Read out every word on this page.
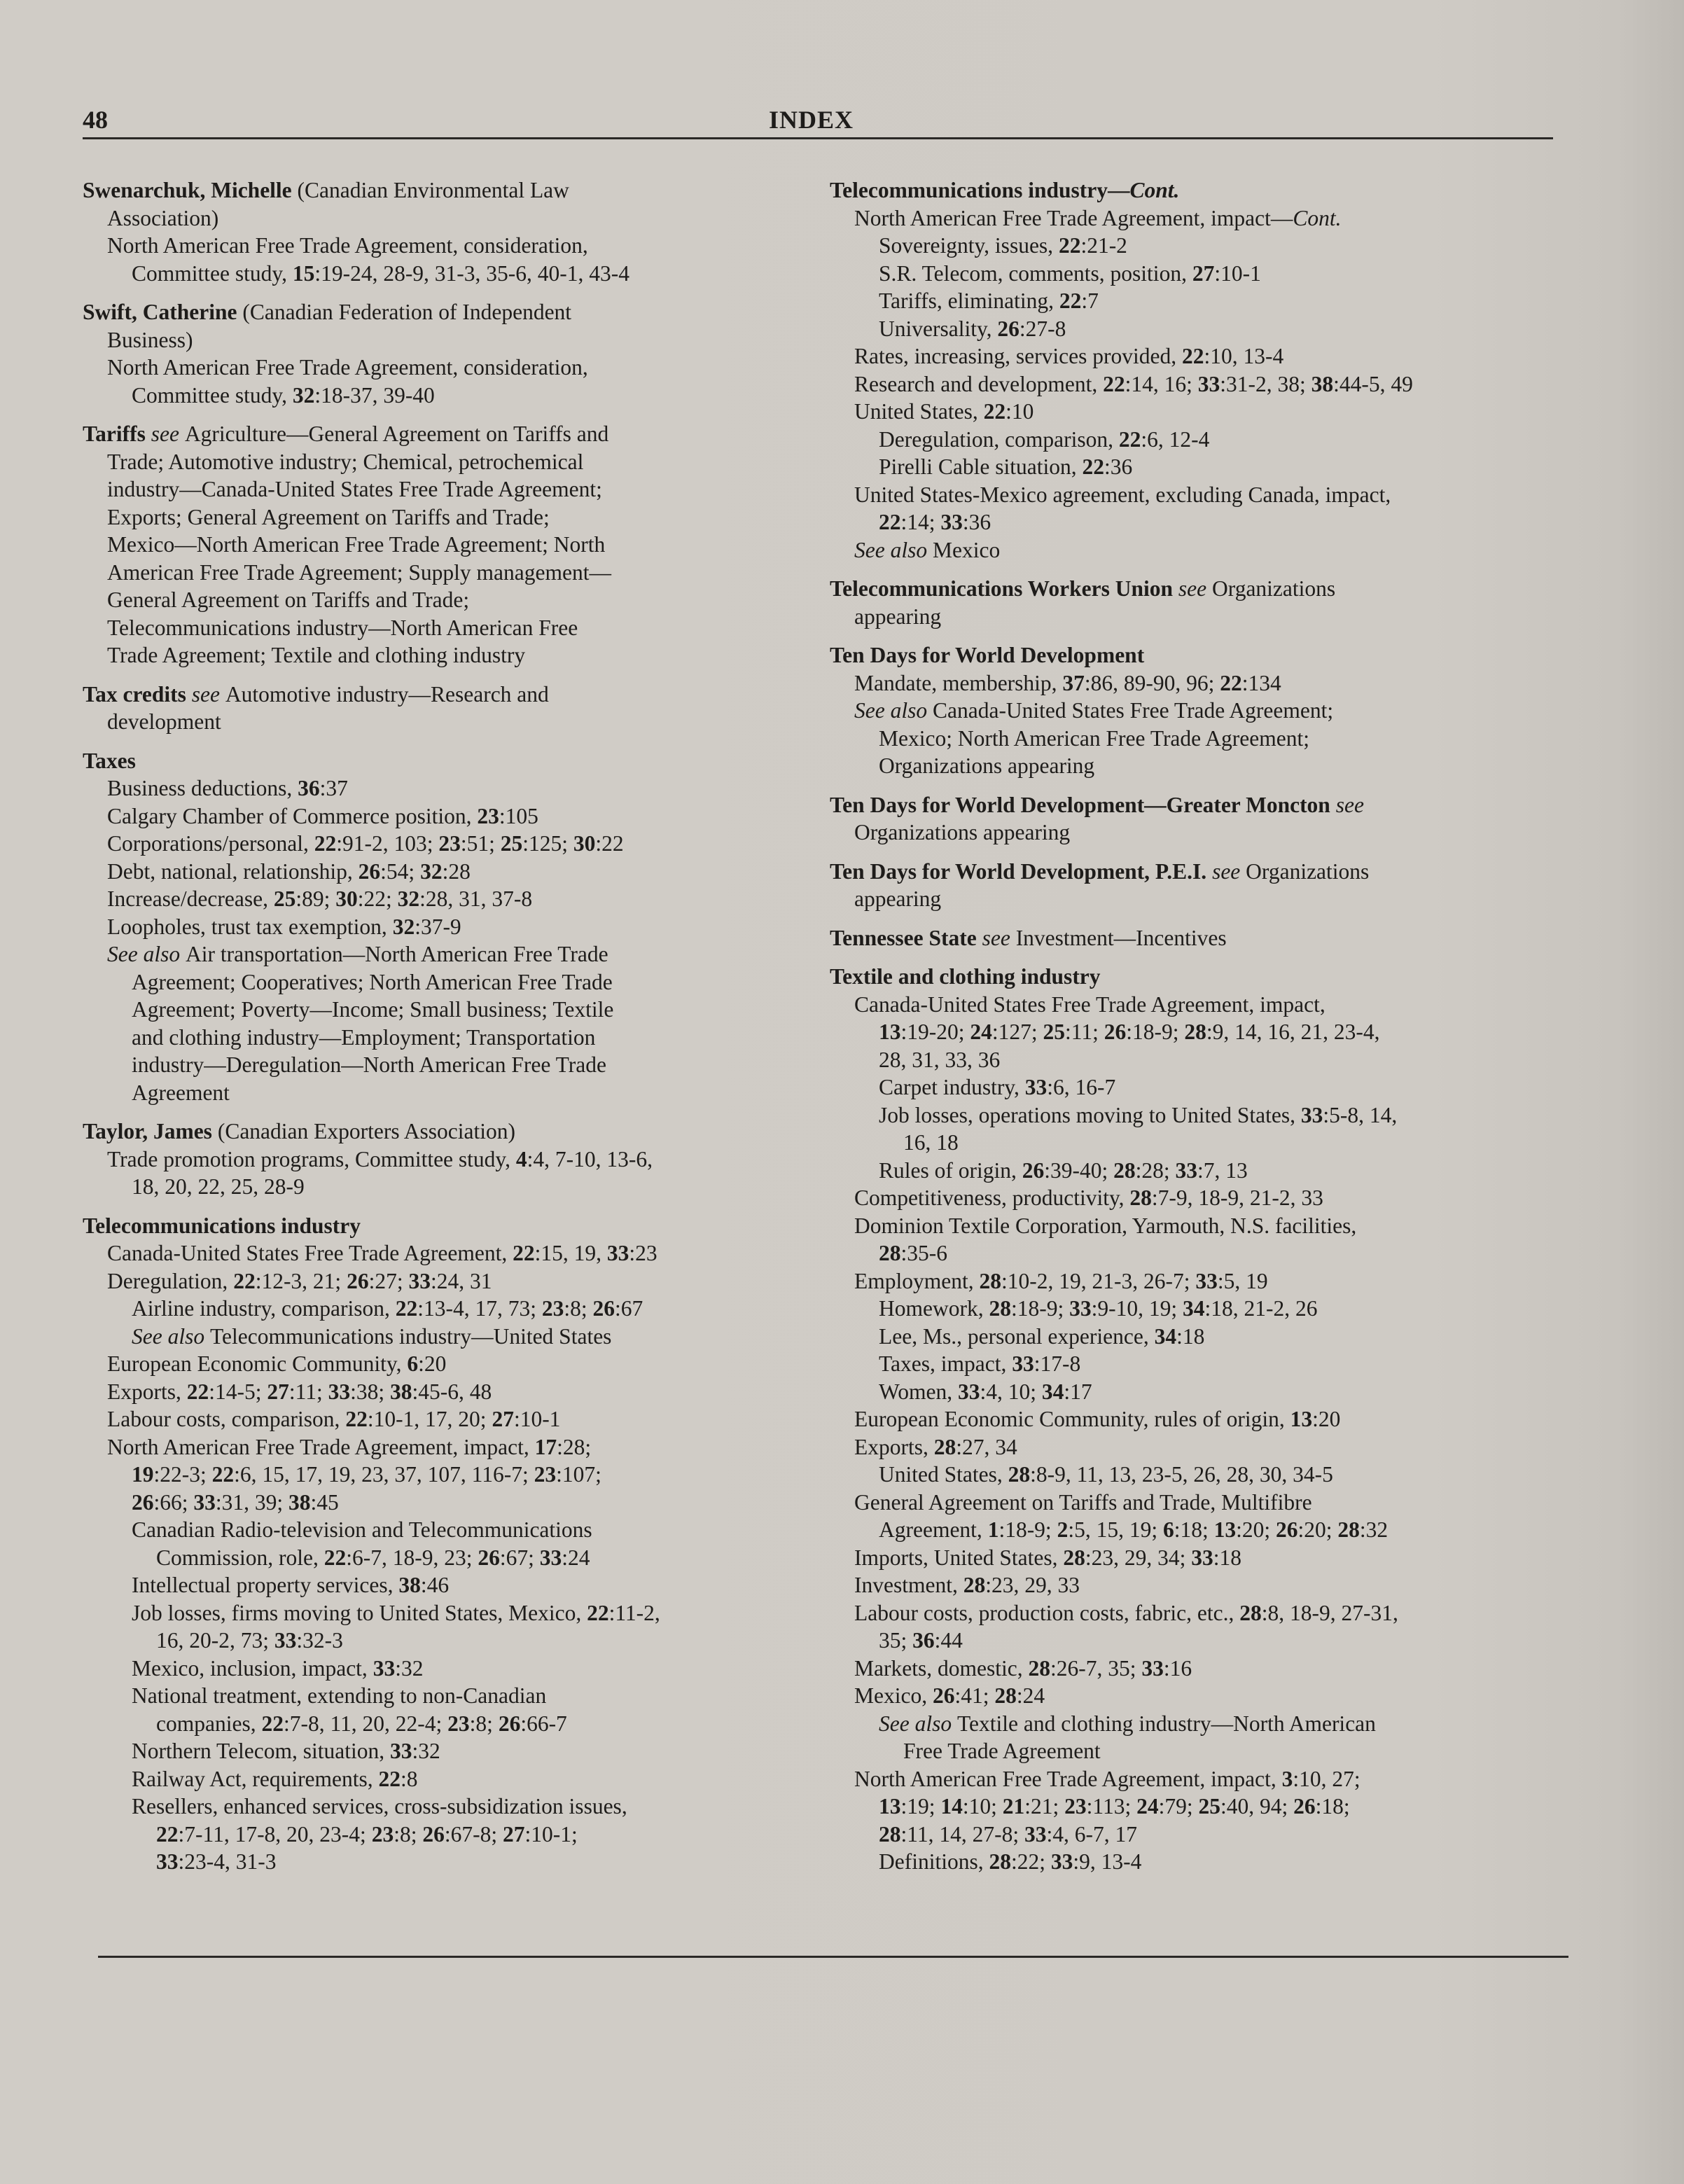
48	INDEX
Swenarchuk, Michelle (Canadian Environmental Law
Association)
North American Free Trade Agreement, consideration,
Committee study, 15:19-24, 28-9, 31-3, 35-6, 40-1, 43-4
Swift, Catherine (Canadian Federation of Independent
Business)
North American Free Trade Agreement, consideration,
Committee study, 32:18-37, 39-40
Tariffs see Agriculture—General Agreement on Tariffs and
Trade; Automotive industry; Chemical, petrochemical
industry—Canada-United States Free Trade Agreement;
Exports; General Agreement on Tariffs and Trade;
Mexico—North American Free Trade Agreement; North
American Free Trade Agreement; Supply management—
General Agreement on Tariffs and Trade;
Telecommunications industry—North American Free
Trade Agreement; Textile and clothing industry
Tax credits see Automotive industry—Research and
development
Taxes
Business deductions, 36:37
Calgary Chamber of Commerce position, 23:105
Corporations/personal, 22:91-2, 103; 23:51; 25:125; 30:22
Debt, national, relationship, 26:54; 32:28
Increase/decrease, 25:89; 30:22; 32:28, 31, 37-8
Loopholes, trust tax exemption, 32:37-9
See also Air transportation—North American Free Trade
Agreement; Cooperatives; North American Free Trade
Agreement; Poverty—Income; Small business; Textile
and clothing industry—Employment; Transportation
industry—Deregulation—North American Free Trade
Agreement
Taylor, James (Canadian Exporters Association)
Trade promotion programs, Committee study, 4:4, 7-10, 13-6,
18, 20, 22, 25, 28-9
Telecommunications industry
Canada-United States Free Trade Agreement, 22:15, 19, 33:23
Deregulation, 22:12-3, 21; 26:27; 33:24, 31
Airline industry, comparison, 22:13-4, 17, 73; 23:8; 26:67
See also Telecommunications industry—United States
European Economic Community, 6:20
Exports, 22:14-5; 27:11; 33:38; 38:45-6, 48
Labour costs, comparison, 22:10-1, 17, 20; 27:10-1
North American Free Trade Agreement, impact, 17:28;
19:22-3; 22:6, 15, 17, 19, 23, 37, 107, 116-7; 23:107;
26:66; 33:31, 39; 38:45
Canadian Radio-television and Telecommunications
Commission, role, 22:6-7, 18-9, 23; 26:67; 33:24
Intellectual property services, 38:46
Job losses, firms moving to United States, Mexico, 22:11-2,
16, 20-2, 73; 33:32-3
Mexico, inclusion, impact, 33:32
National treatment, extending to non-Canadian
companies, 22:7-8, 11, 20, 22-4; 23:8; 26:66-7
Northern Telecom, situation, 33:32
Railway Act, requirements, 22:8
Resellers, enhanced services, cross-subsidization issues,
22:7-11, 17-8, 20, 23-4; 23:8; 26:67-8; 27:10-1;
33:23-4, 31-3
Telecommunications industry—Cont.
North American Free Trade Agreement, impact—Cont.
Sovereignty, issues, 22:21-2
S.R. Telecom, comments, position, 27:10-1
Tariffs, eliminating, 22:7
Universality, 26:27-8
Rates, increasing, services provided, 22:10, 13-4
Research and development, 22:14, 16; 33:31-2, 38; 38:44-5, 49
United States, 22:10
Deregulation, comparison, 22:6, 12-4
Pirelli Cable situation, 22:36
United States-Mexico agreement, excluding Canada, impact,
22:14; 33:36
See also Mexico
Telecommunications Workers Union see Organizations
appearing
Ten Days for World Development
Mandate, membership, 37:86, 89-90, 96; 22:134
See also Canada-United States Free Trade Agreement;
Mexico; North American Free Trade Agreement;
Organizations appearing
Ten Days for World Development—Greater Moncton see
Organizations appearing
Ten Days for World Development, P.E.I. see Organizations
appearing
Tennessee State see Investment—Incentives
Textile and clothing industry
Canada-United States Free Trade Agreement, impact,
13:19-20; 24:127; 25:11; 26:18-9; 28:9, 14, 16, 21, 23-4,
28, 31, 33, 36
Carpet industry, 33:6, 16-7
Job losses, operations moving to United States, 33:5-8, 14,
16, 18
Rules of origin, 26:39-40; 28:28; 33:7, 13
Competitiveness, productivity, 28:7-9, 18-9, 21-2, 33
Dominion Textile Corporation, Yarmouth, N.S. facilities,
28:35-6
Employment, 28:10-2, 19, 21-3, 26-7; 33:5, 19
Homework, 28:18-9; 33:9-10, 19; 34:18, 21-2, 26
Lee, Ms., personal experience, 34:18
Taxes, impact, 33:17-8
Women, 33:4, 10; 34:17
European Economic Community, rules of origin, 13:20
Exports, 28:27, 34
United States, 28:8-9, 11, 13, 23-5, 26, 28, 30, 34-5
General Agreement on Tariffs and Trade, Multifibre
Agreement, 1:18-9; 2:5, 15, 19; 6:18; 13:20; 26:20; 28:32
Imports, United States, 28:23, 29, 34; 33:18
Investment, 28:23, 29, 33
Labour costs, production costs, fabric, etc., 28:8, 18-9, 27-31,
35; 36:44
Markets, domestic, 28:26-7, 35; 33:16
Mexico, 26:41; 28:24
See also Textile and clothing industry—North American
Free Trade Agreement
North American Free Trade Agreement, impact, 3:10, 27;
13:19; 14:10; 21:21; 23:113; 24:79; 25:40, 94; 26:18;
28:11, 14, 27-8; 33:4, 6-7, 17
Definitions, 28:22; 33:9, 13-4
